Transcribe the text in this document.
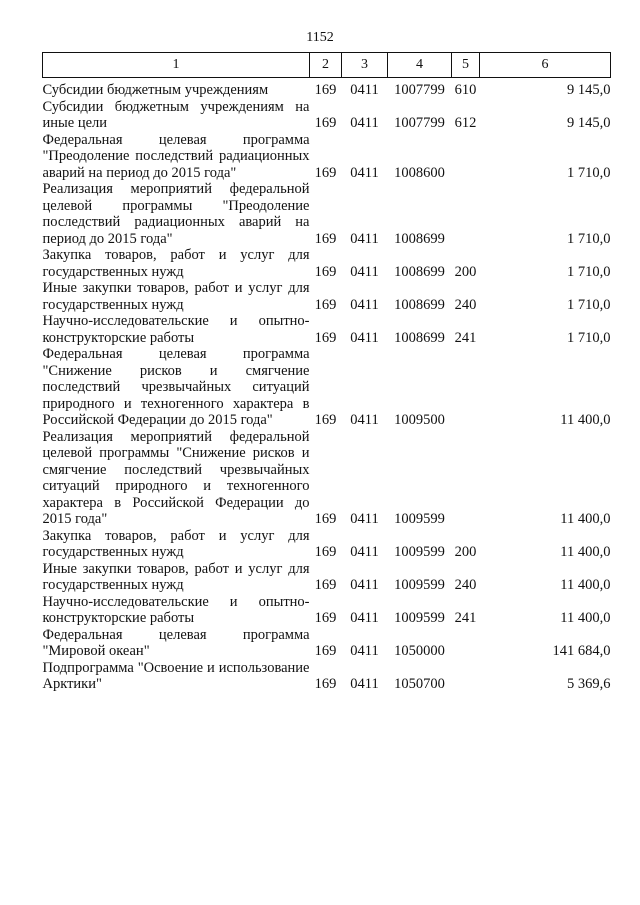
1152
1	2	3	4	5	6

Субсидии бюджетным учреждениям	169	0411	1007799	610	9 145,0
Субсидии бюджетным учреждениям на иные цели	169	0411	1007799	612	9 145,0
Федеральная целевая программа "Преодоление последствий радиационных аварий на период до 2015 года"	169	0411	1008600		1 710,0
Реализация мероприятий федеральной целевой программы "Преодоление последствий радиационных аварий на период до 2015 года"	169	0411	1008699		1 710,0
Закупка товаров, работ и услуг для государственных нужд	169	0411	1008699	200	1 710,0
Иные закупки товаров, работ и услуг для государственных нужд	169	0411	1008699	240	1 710,0
Научно-исследовательские и опытно-конструкторские работы	169	0411	1008699	241	1 710,0
Федеральная целевая программа "Снижение рисков и смягчение последствий чрезвычайных ситуаций природного и техногенного характера в Российской Федерации до 2015 года"	169	0411	1009500		11 400,0
Реализация мероприятий федеральной целевой программы "Снижение рисков и смягчение последствий чрезвычайных ситуаций природного и техногенного характера в Российской Федерации до 2015 года"	169	0411	1009599		11 400,0
Закупка товаров, работ и услуг для государственных нужд	169	0411	1009599	200	11 400,0
Иные закупки товаров, работ и услуг для государственных нужд	169	0411	1009599	240	11 400,0
Научно-исследовательские и опытно-конструкторские работы	169	0411	1009599	241	11 400,0
Федеральная целевая программа "Мировой океан"	169	0411	1050000		141 684,0
Подпрограмма "Освоение и использование Арктики"	169	0411	1050700		5 369,6
